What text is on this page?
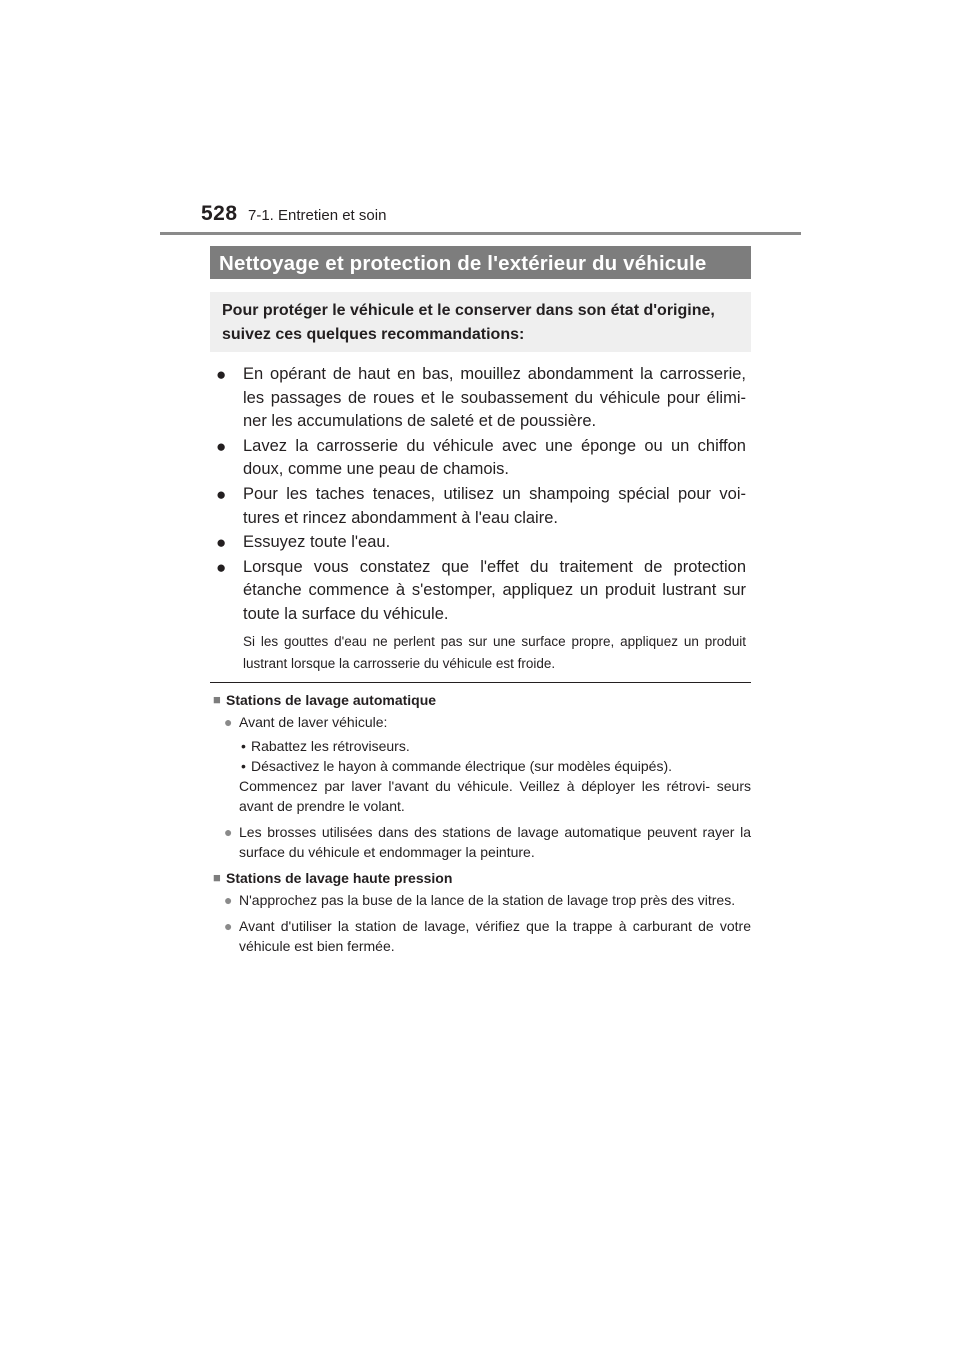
528 7-1. Entretien et soin
Nettoyage et protection de l'extérieur du véhicule
Pour protéger le véhicule et le conserver dans son état d'origine, suivez ces quelques recommandations:
● En opérant de haut en bas, mouillez abondamment la carrosserie, les passages de roues et le soubassement du véhicule pour élimi- ner les accumulations de saleté et de poussière.
● Lavez la carrosserie du véhicule avec une éponge ou un chiffon doux, comme une peau de chamois.
● Pour les taches tenaces, utilisez un shampoing spécial pour voi- tures et rincez abondamment à l'eau claire.
● Essuyez toute l'eau.
● Lorsque vous constatez que l'effet du traitement de protection étanche commence à s'estomper, appliquez un produit lustrant sur toute la surface du véhicule.
Si les gouttes d'eau ne perlent pas sur une surface propre, appliquez un produit lustrant lorsque la carrosserie du véhicule est froide.
■ Stations de lavage automatique
● Avant de laver véhicule:
• Rabattez les rétroviseurs.
• Désactivez le hayon à commande électrique (sur modèles équipés).
Commencez par laver l'avant du véhicule. Veillez à déployer les rétrovi- seurs avant de prendre le volant.
● Les brosses utilisées dans des stations de lavage automatique peuvent rayer la surface du véhicule et endommager la peinture.
■ Stations de lavage haute pression
● N'approchez pas la buse de la lance de la station de lavage trop près des vitres.
● Avant d'utiliser la station de lavage, vérifiez que la trappe à carburant de votre véhicule est bien fermée.
